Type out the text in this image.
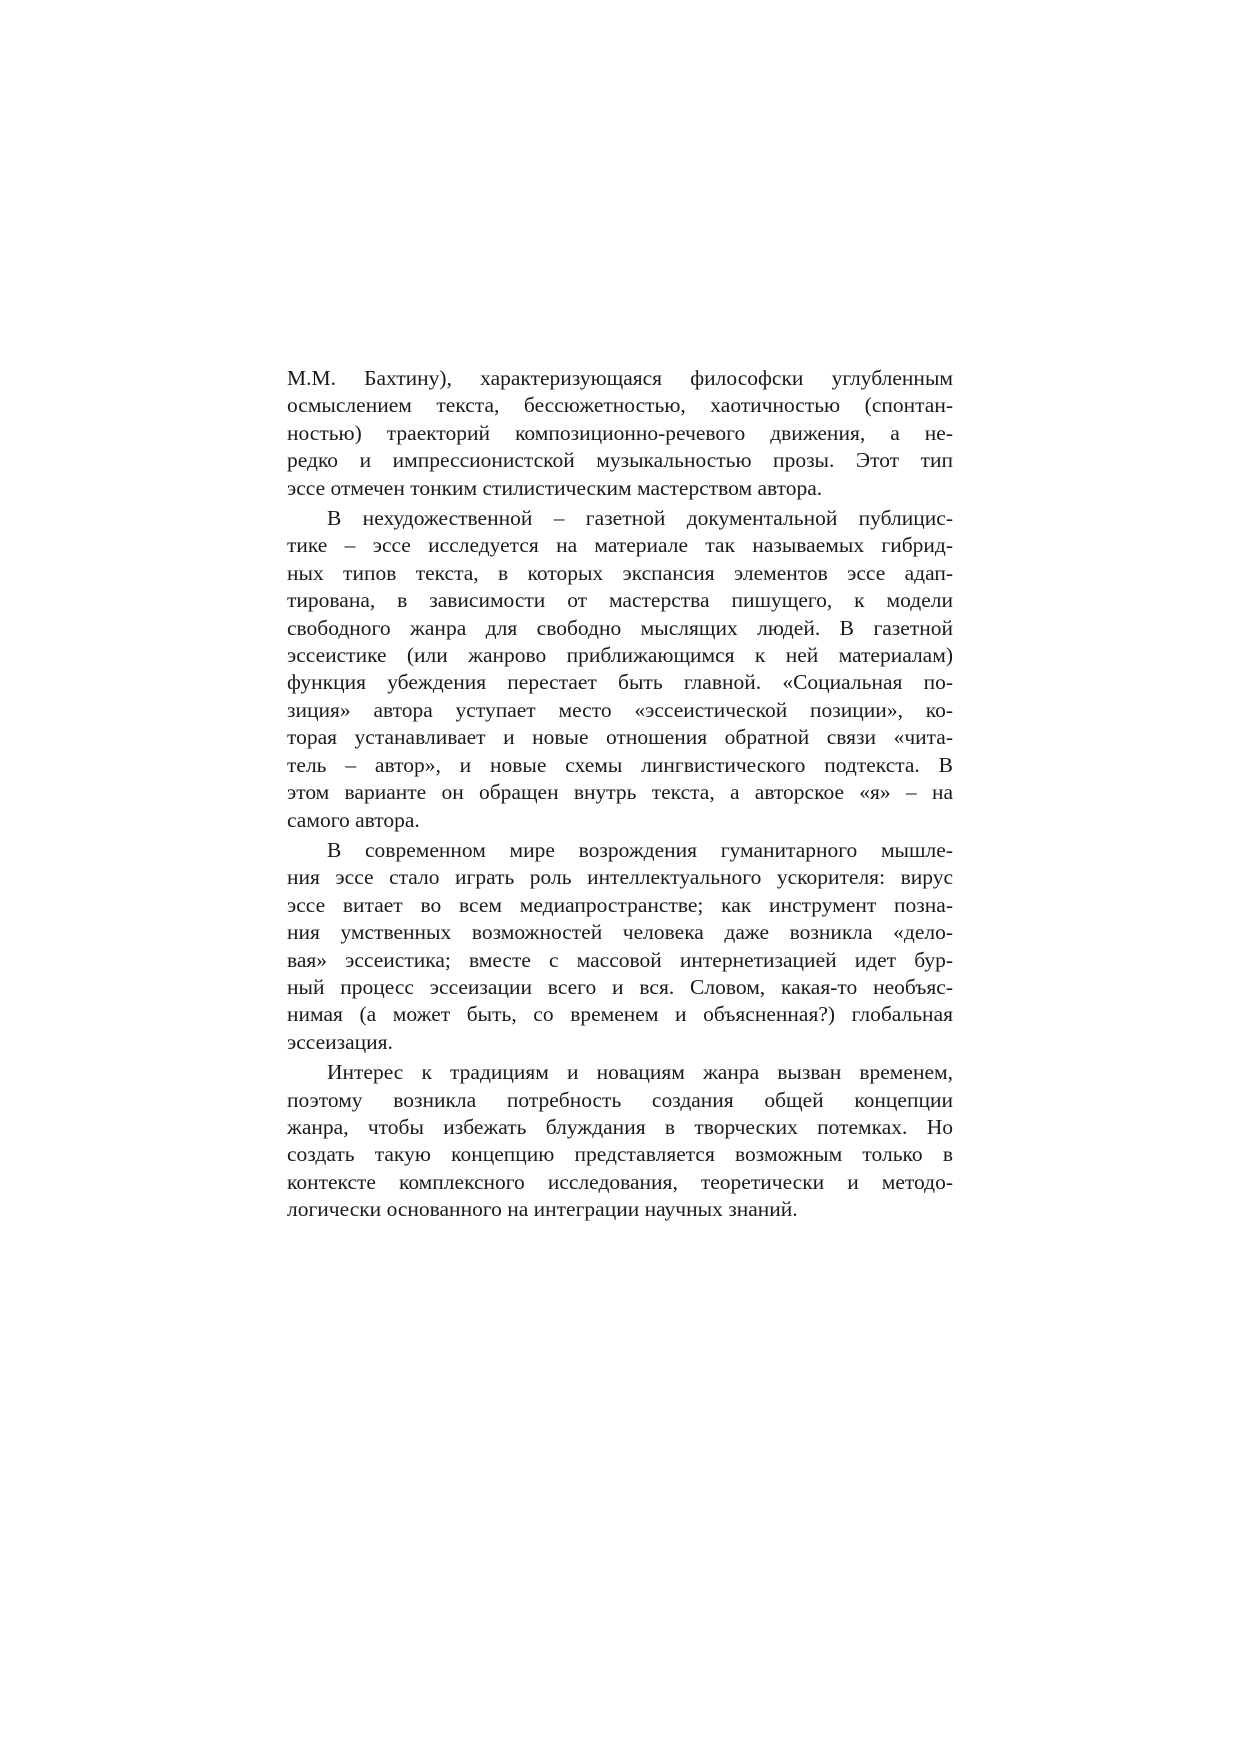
М.М. Бахтину), характеризующаяся философски углубленным
осмыслением текста, бессюжетностью, хаотичностью (спонтан-
ностью) траекторий композиционно-речевого движения, а не-
редко и импрессионистской музыкальностью прозы. Этот тип
эссе отмечен тонким стилистическим мастерством автора.
В нехудожественной – газетной документальной публицис-
тике – эссе исследуется на материале так называемых гибрид-
ных типов текста, в которых экспансия элементов эссе адап-
тирована, в зависимости от мастерства пишущего, к модели
свободного жанра для свободно мыслящих людей. В газетной
эссеистике (или жанрово приближающимся к ней материалам)
функция убеждения перестает быть главной. «Социальная по-
зиция» автора уступает место «эссеистической позиции», ко-
торая устанавливает и новые отношения обратной связи «чита-
тель – автор», и новые схемы лингвистического подтекста. В
этом варианте он обращен внутрь текста, а авторское «я» – на
самого автора.
В современном мире возрождения гуманитарного мышле-
ния эссе стало играть роль интеллектуального ускорителя: вирус
эссе витает во всем медиапространстве; как инструмент позна-
ния умственных возможностей человека даже возникла «дело-
вая» эссеистика; вместе с массовой интернетизацией идет бур-
ный процесс эссеизации всего и вся. Словом, какая-то необъяс-
нимая (а может быть, со временем и объясненная?) глобальная
эссеизация.
Интерес к традициям и новациям жанра вызван временем,
поэтому возникла потребность создания общей концепции
жанра, чтобы избежать блуждания в творческих потемках. Но
создать такую концепцию представляется возможным только в
контексте комплексного исследования, теоретически и методо-
логически основанного на интеграции научных знаний.
